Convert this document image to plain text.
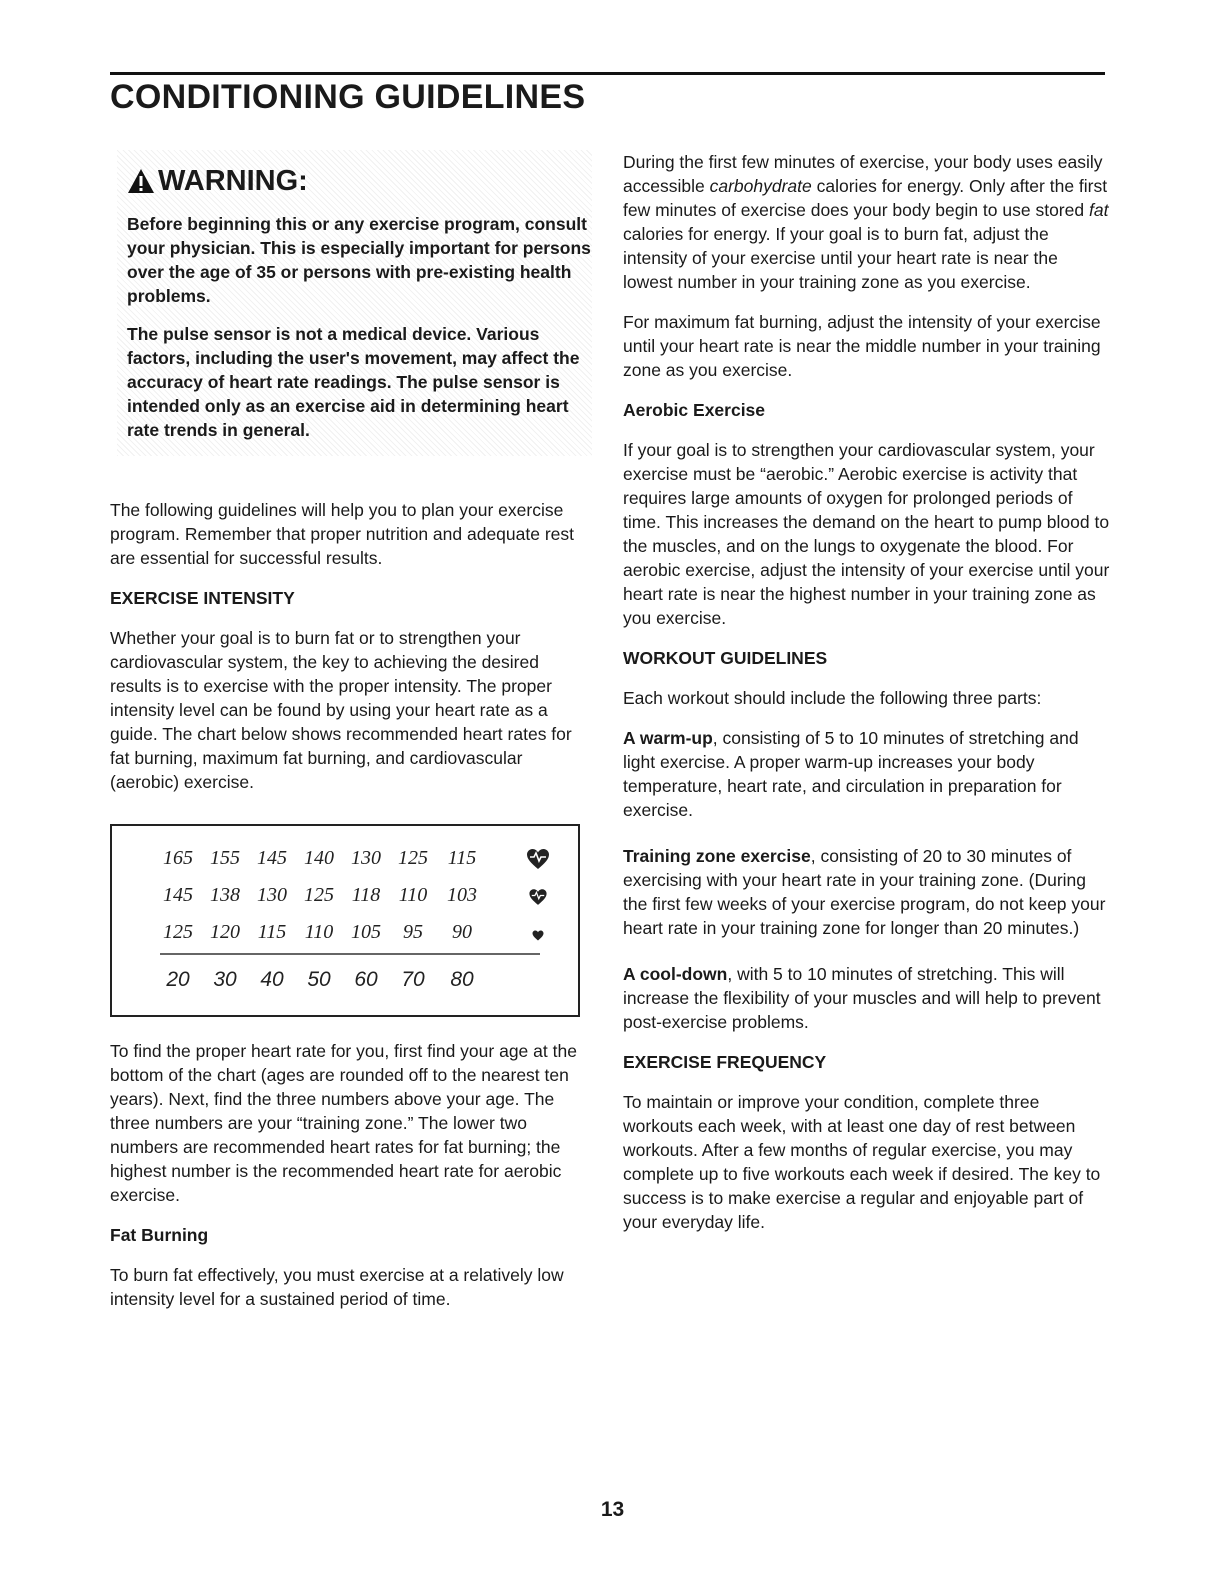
CONDITIONING GUIDELINES
WARNING:

Before beginning this or any exercise program, consult your physician. This is especially important for persons over the age of 35 or persons with pre-existing health problems.

The pulse sensor is not a medical device. Various factors, including the user's movement, may affect the accuracy of heart rate readings. The pulse sensor is intended only as an exercise aid in determining heart rate trends in general.

The following guidelines will help you to plan your exercise program. Remember that proper nutrition and adequate rest are essential for successful results.

EXERCISE INTENSITY

Whether your goal is to burn fat or to strengthen your cardiovascular system, the key to achieving the desired results is to exercise with the proper intensity. The proper intensity level can be found by using your heart rate as a guide. The chart below shows recommended heart rates for fat burning, maximum fat burning, and cardiovascular (aerobic) exercise.

165 155 145 140 130 125 115
145 138 130 125 118 110 103
125 120 115 110 105 95 90
20 30 40 50 60 70 80

To find the proper heart rate for you, first find your age at the bottom of the chart (ages are rounded off to the nearest ten years). Next, find the three numbers above your age. The three numbers are your “training zone.” The lower two numbers are recommended heart rates for fat burning; the highest number is the recommended heart rate for aerobic exercise.

Fat Burning

To burn fat effectively, you must exercise at a relatively low intensity level for a sustained period of time.

During the first few minutes of exercise, your body uses easily accessible carbohydrate calories for energy. Only after the first few minutes of exercise does your body begin to use stored fat calories for energy. If your goal is to burn fat, adjust the intensity of your exercise until your heart rate is near the lowest number in your training zone as you exercise.

For maximum fat burning, adjust the intensity of your exercise until your heart rate is near the middle number in your training zone as you exercise.

Aerobic Exercise

If your goal is to strengthen your cardiovascular system, your exercise must be “aerobic.” Aerobic exercise is activity that requires large amounts of oxygen for prolonged periods of time. This increases the demand on the heart to pump blood to the muscles, and on the lungs to oxygenate the blood. For aerobic exercise, adjust the intensity of your exercise until your heart rate is near the highest number in your training zone as you exercise.

WORKOUT GUIDELINES

Each workout should include the following three parts:

A warm-up, consisting of 5 to 10 minutes of stretching and light exercise. A proper warm-up increases your body temperature, heart rate, and circulation in preparation for exercise.

Training zone exercise, consisting of 20 to 30 minutes of exercising with your heart rate in your training zone. (During the first few weeks of your exercise program, do not keep your heart rate in your training zone for longer than 20 minutes.)

A cool-down, with 5 to 10 minutes of stretching. This will increase the flexibility of your muscles and will help to prevent post-exercise problems.

EXERCISE FREQUENCY

To maintain or improve your condition, complete three workouts each week, with at least one day of rest between workouts. After a few months of regular exercise, you may complete up to five workouts each week if desired. The key to success is to make exercise a regular and enjoyable part of your everyday life.

13
